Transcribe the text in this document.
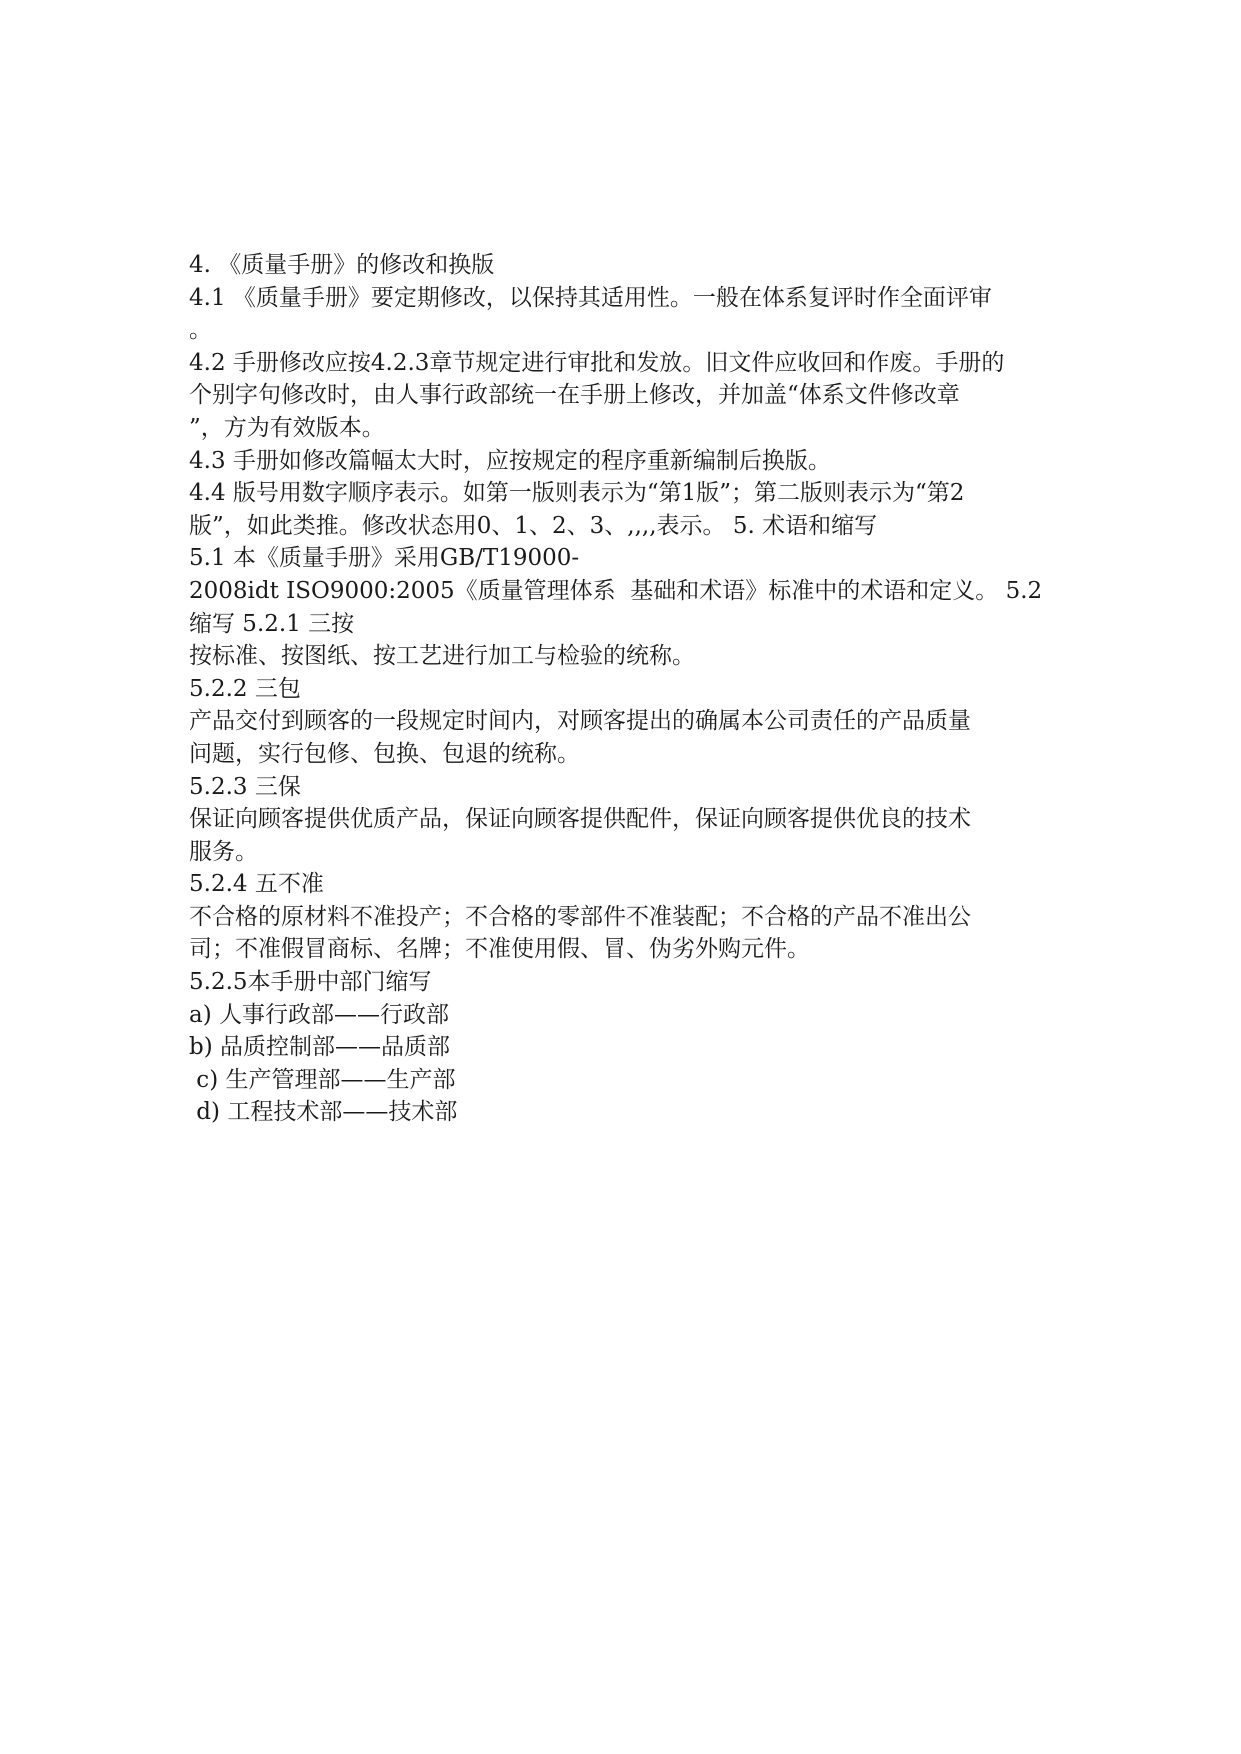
4. 《质量手册》的修改和换版
4.1 《质量手册》要定期修改，以保持其适用性。一般在体系复评时作全面评审
。
4.2 手册修改应按4.2.3章节规定进行审批和发放。旧文件应收回和作废。手册的
个别字句修改时，由人事行政部统一在手册上修改，并加盖“体系文件修改章
”，方为有效版本。
4.3 手册如修改篇幅太大时，应按规定的程序重新编制后换版。
4.4 版号用数字顺序表示。如第一版则表示为“第1版”；第二版则表示为“第2
版”，如此类推。修改状态用0、1、2、3、,,,,表示。 5. 术语和缩写
5.1 本《质量手册》采用GB/T19000-
2008idt ISO9000:2005《质量管理体系  基础和术语》标准中的术语和定义。 5.2
缩写 5.2.1 三按
按标准、按图纸、按工艺进行加工与检验的统称。
5.2.2 三包
产品交付到顾客的一段规定时间内，对顾客提出的确属本公司责任的产品质量
问题，实行包修、包换、包退的统称。
5.2.3 三保
保证向顾客提供优质产品，保证向顾客提供配件，保证向顾客提供优良的技术
服务。
5.2.4 五不准
不合格的原材料不准投产；不合格的零部件不准装配；不合格的产品不准出公
司；不准假冒商标、名牌；不准使用假、冒、伪劣外购元件。
5.2.5本手册中部门缩写
a) 人事行政部——行政部
b) 品质控制部——品质部
c) 生产管理部——生产部
d) 工程技术部——技术部
